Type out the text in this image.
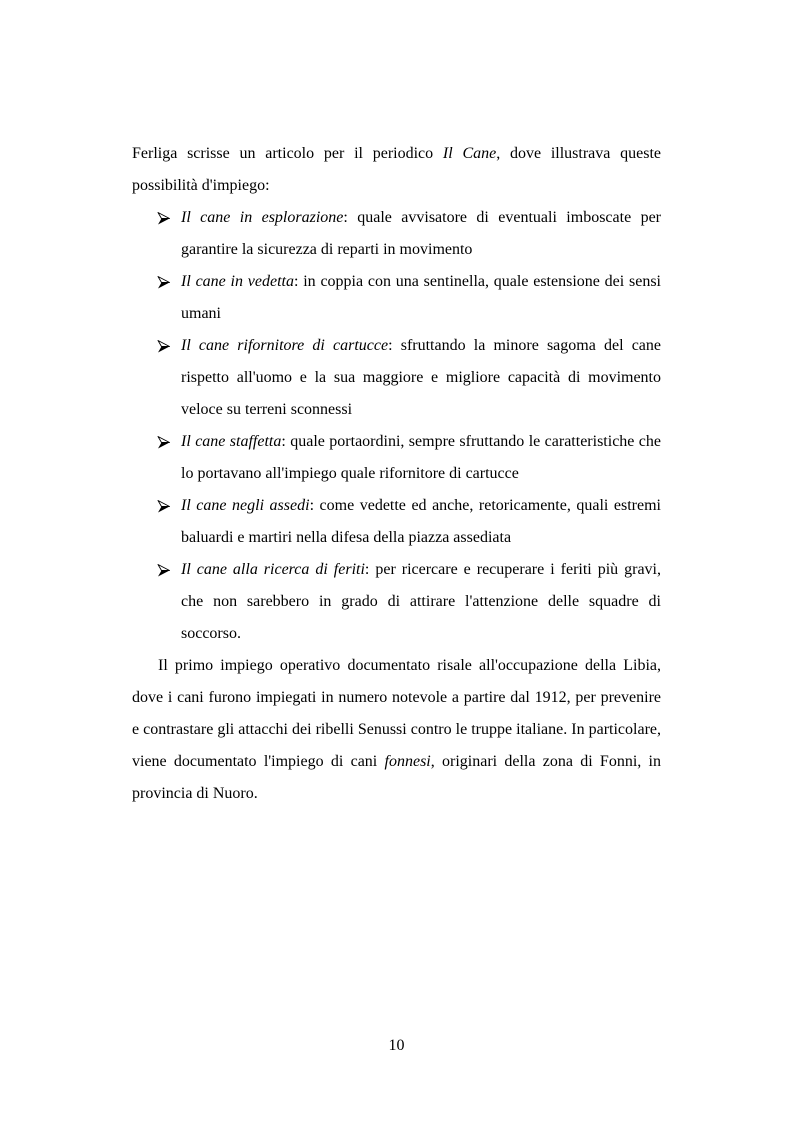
Ferliga scrisse un articolo per il periodico Il Cane, dove illustrava queste possibilità d'impiego:

Il cane in esplorazione: quale avvisatore di eventuali imboscate per garantire la sicurezza di reparti in movimento
Il cane in vedetta: in coppia con una sentinella, quale estensione dei sensi umani
Il cane rifornitore di cartucce: sfruttando la minore sagoma del cane rispetto all'uomo e la sua maggiore e migliore capacità di movimento veloce su terreni sconnessi
Il cane staffetta: quale portaordini, sempre sfruttando le caratteristiche che lo portavano all'impiego quale rifornitore di cartucce
Il cane negli assedi: come vedette ed anche, retoricamente, quali estremi baluardi e martiri nella difesa della piazza assediata
Il cane alla ricerca di feriti: per ricercare e recuperare i feriti più gravi, che non sarebbero in grado di attirare l'attenzione delle squadre di soccorso.

Il primo impiego operativo documentato risale all'occupazione della Libia, dove i cani furono impiegati in numero notevole a partire dal 1912, per prevenire e contrastare gli attacchi dei ribelli Senussi contro le truppe italiane. In particolare, viene documentato l'impiego di cani fonnesi, originari della zona di Fonni, in provincia di Nuoro.

10
